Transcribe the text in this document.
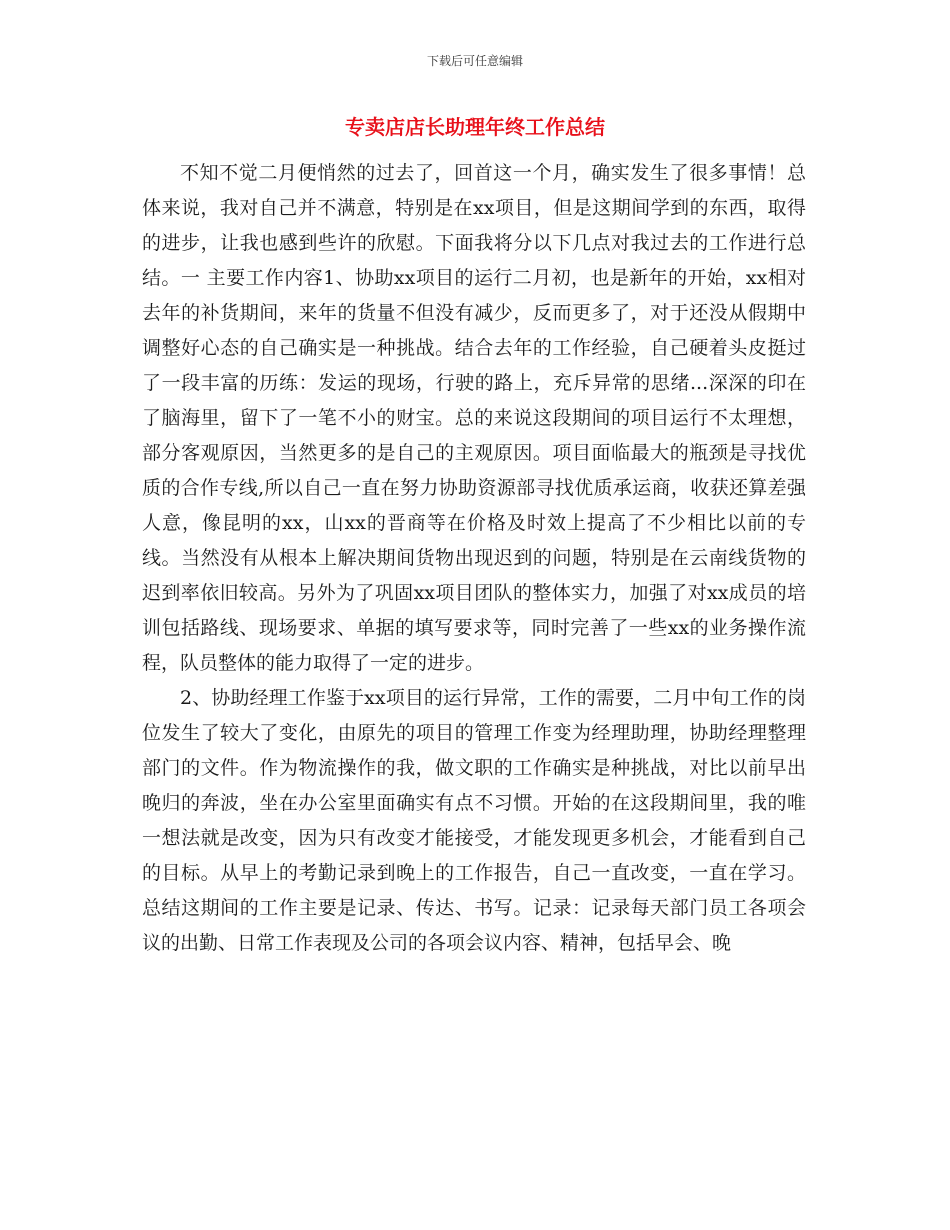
下载后可任意编辑
专卖店店长助理年终工作总结

不知不觉二月便悄然的过去了，回首这一个月，确实发生了很多事情！总体来说，我对自己并不满意，特别是在xx项目，但是这期间学到的东西，取得的进步，让我也感到些许的欣慰。下面我将分以下几点对我过去的工作进行总结。一 主要工作内容1、协助xx项目的运行二月初，也是新年的开始，xx相对去年的补货期间，来年的货量不但没有减少，反而更多了，对于还没从假期中调整好心态的自己确实是一种挑战。结合去年的工作经验，自己硬着头皮挺过了一段丰富的历练：发运的现场，行驶的路上，充斥异常的思绪...深深的印在了脑海里，留下了一笔不小的财宝。总的来说这段期间的项目运行不太理想，部分客观原因，当然更多的是自己的主观原因。项目面临最大的瓶颈是寻找优质的合作专线,所以自己一直在努力协助资源部寻找优质承运商，收获还算差强人意，像昆明的xx，山xx的晋商等在价格及时效上提高了不少相比以前的专线。当然没有从根本上解决期间货物出现迟到的问题，特别是在云南线货物的迟到率依旧较高。另外为了巩固xx项目团队的整体实力，加强了对xx成员的培训包括路线、现场要求、单据的填写要求等，同时完善了一些xx的业务操作流程，队员整体的能力取得了一定的进步。

2、协助经理工作鉴于xx项目的运行异常，工作的需要，二月中旬工作的岗位发生了较大了变化，由原先的项目的管理工作变为经理助理，协助经理整理部门的文件。作为物流操作的我，做文职的工作确实是种挑战，对比以前早出晚归的奔波，坐在办公室里面确实有点不习惯。开始的在这段期间里，我的唯一想法就是改变，因为只有改变才能接受，才能发现更多机会，才能看到自己的目标。从早上的考勤记录到晚上的工作报告，自己一直改变，一直在学习。总结这期间的工作主要是记录、传达、书写。记录：记录每天部门员工各项会议的出勤、日常工作表现及公司的各项会议内容、精神，包括早会、晚
